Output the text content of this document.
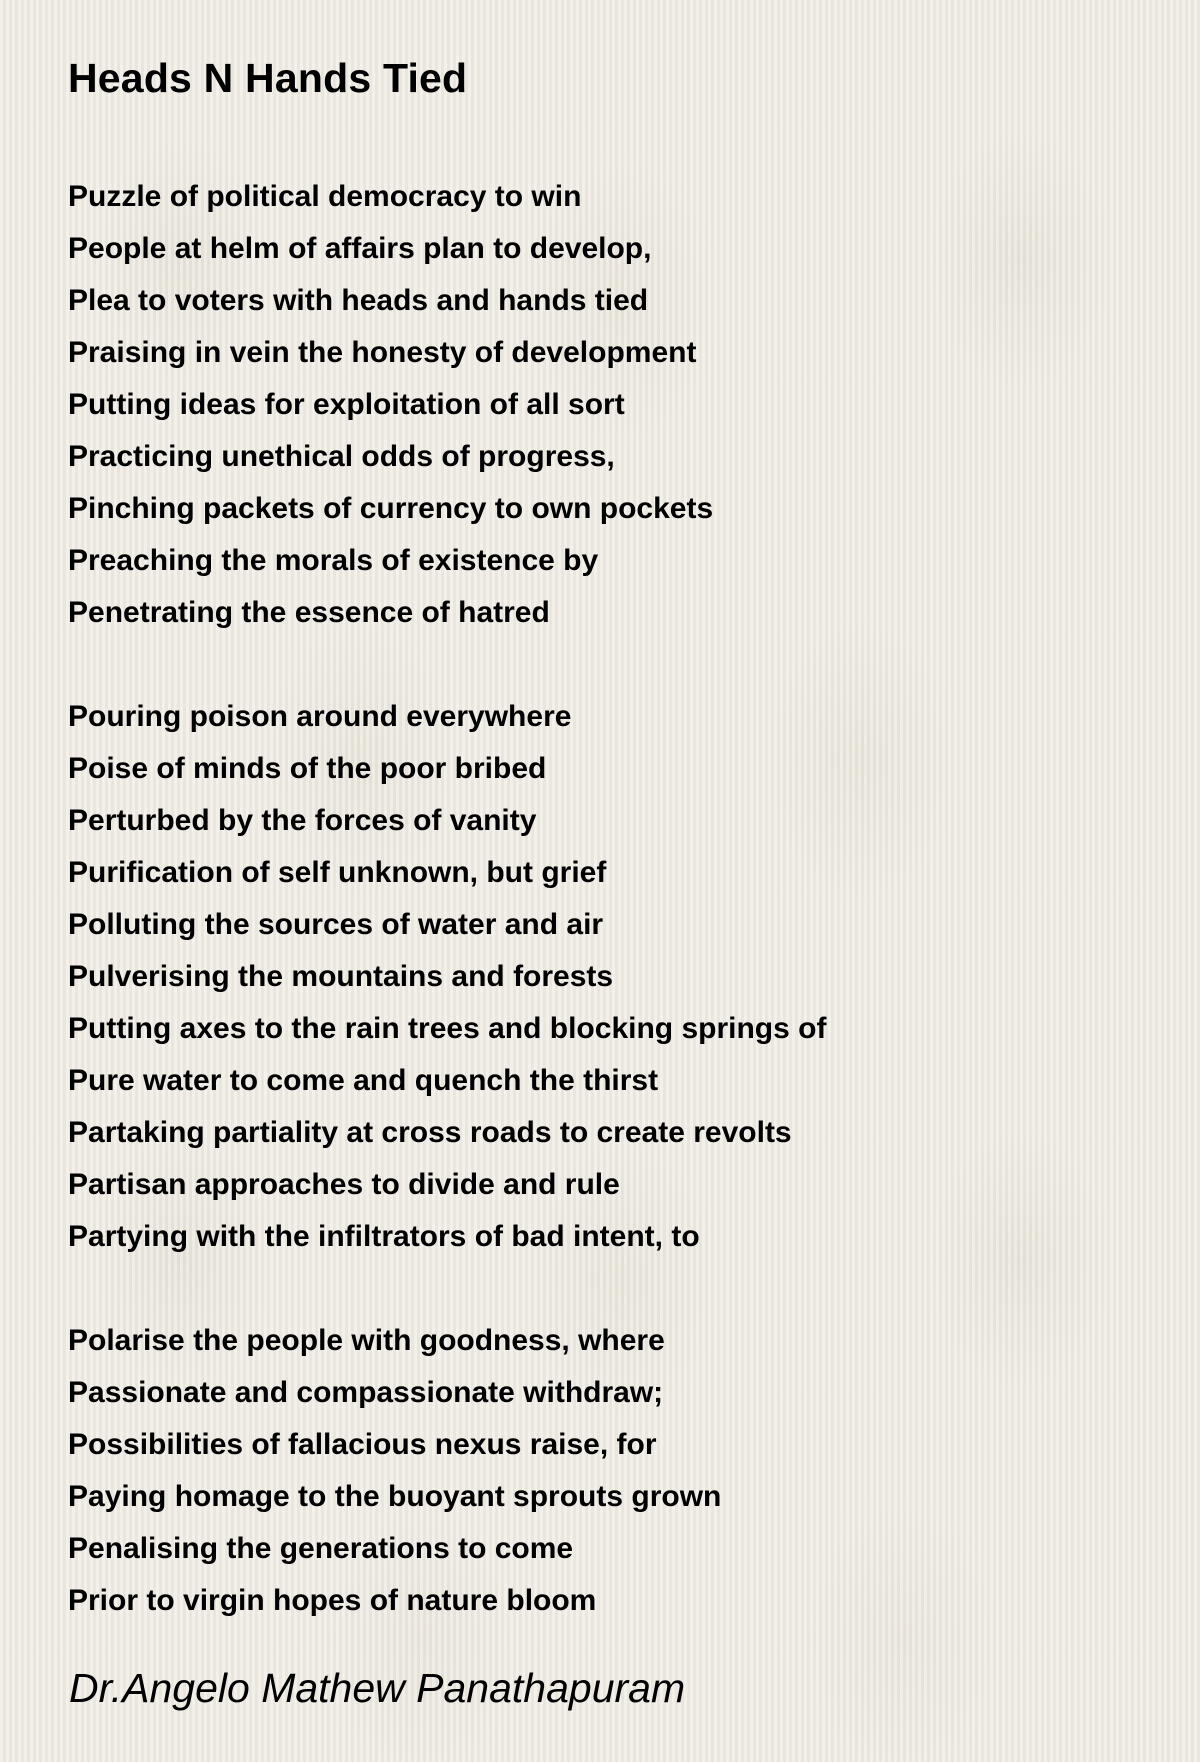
Heads N Hands Tied
Puzzle of political democracy to win
People at helm of affairs plan to develop,
Plea to voters with heads and hands tied
Praising in vein the honesty of development
Putting ideas for exploitation of all sort
Practicing unethical odds of progress,
Pinching packets of currency to own pockets
Preaching the morals of existence by
Penetrating the essence of hatred
Pouring poison around everywhere
Poise of minds of the poor bribed
Perturbed by the forces of vanity
Purification of self unknown, but grief
Polluting the sources of water and air
Pulverising the mountains and forests
Putting axes to the rain trees and blocking springs of
Pure water to come and quench the thirst
Partaking partiality at cross roads to create revolts
Partisan approaches to divide and rule
Partying with the infiltrators of bad intent, to
Polarise the people with goodness, where
Passionate and compassionate withdraw;
Possibilities of fallacious nexus raise, for
Paying homage to the buoyant sprouts grown
Penalising the generations to come
Prior to virgin hopes of nature bloom

Dr.Angelo Mathew Panathapuram
